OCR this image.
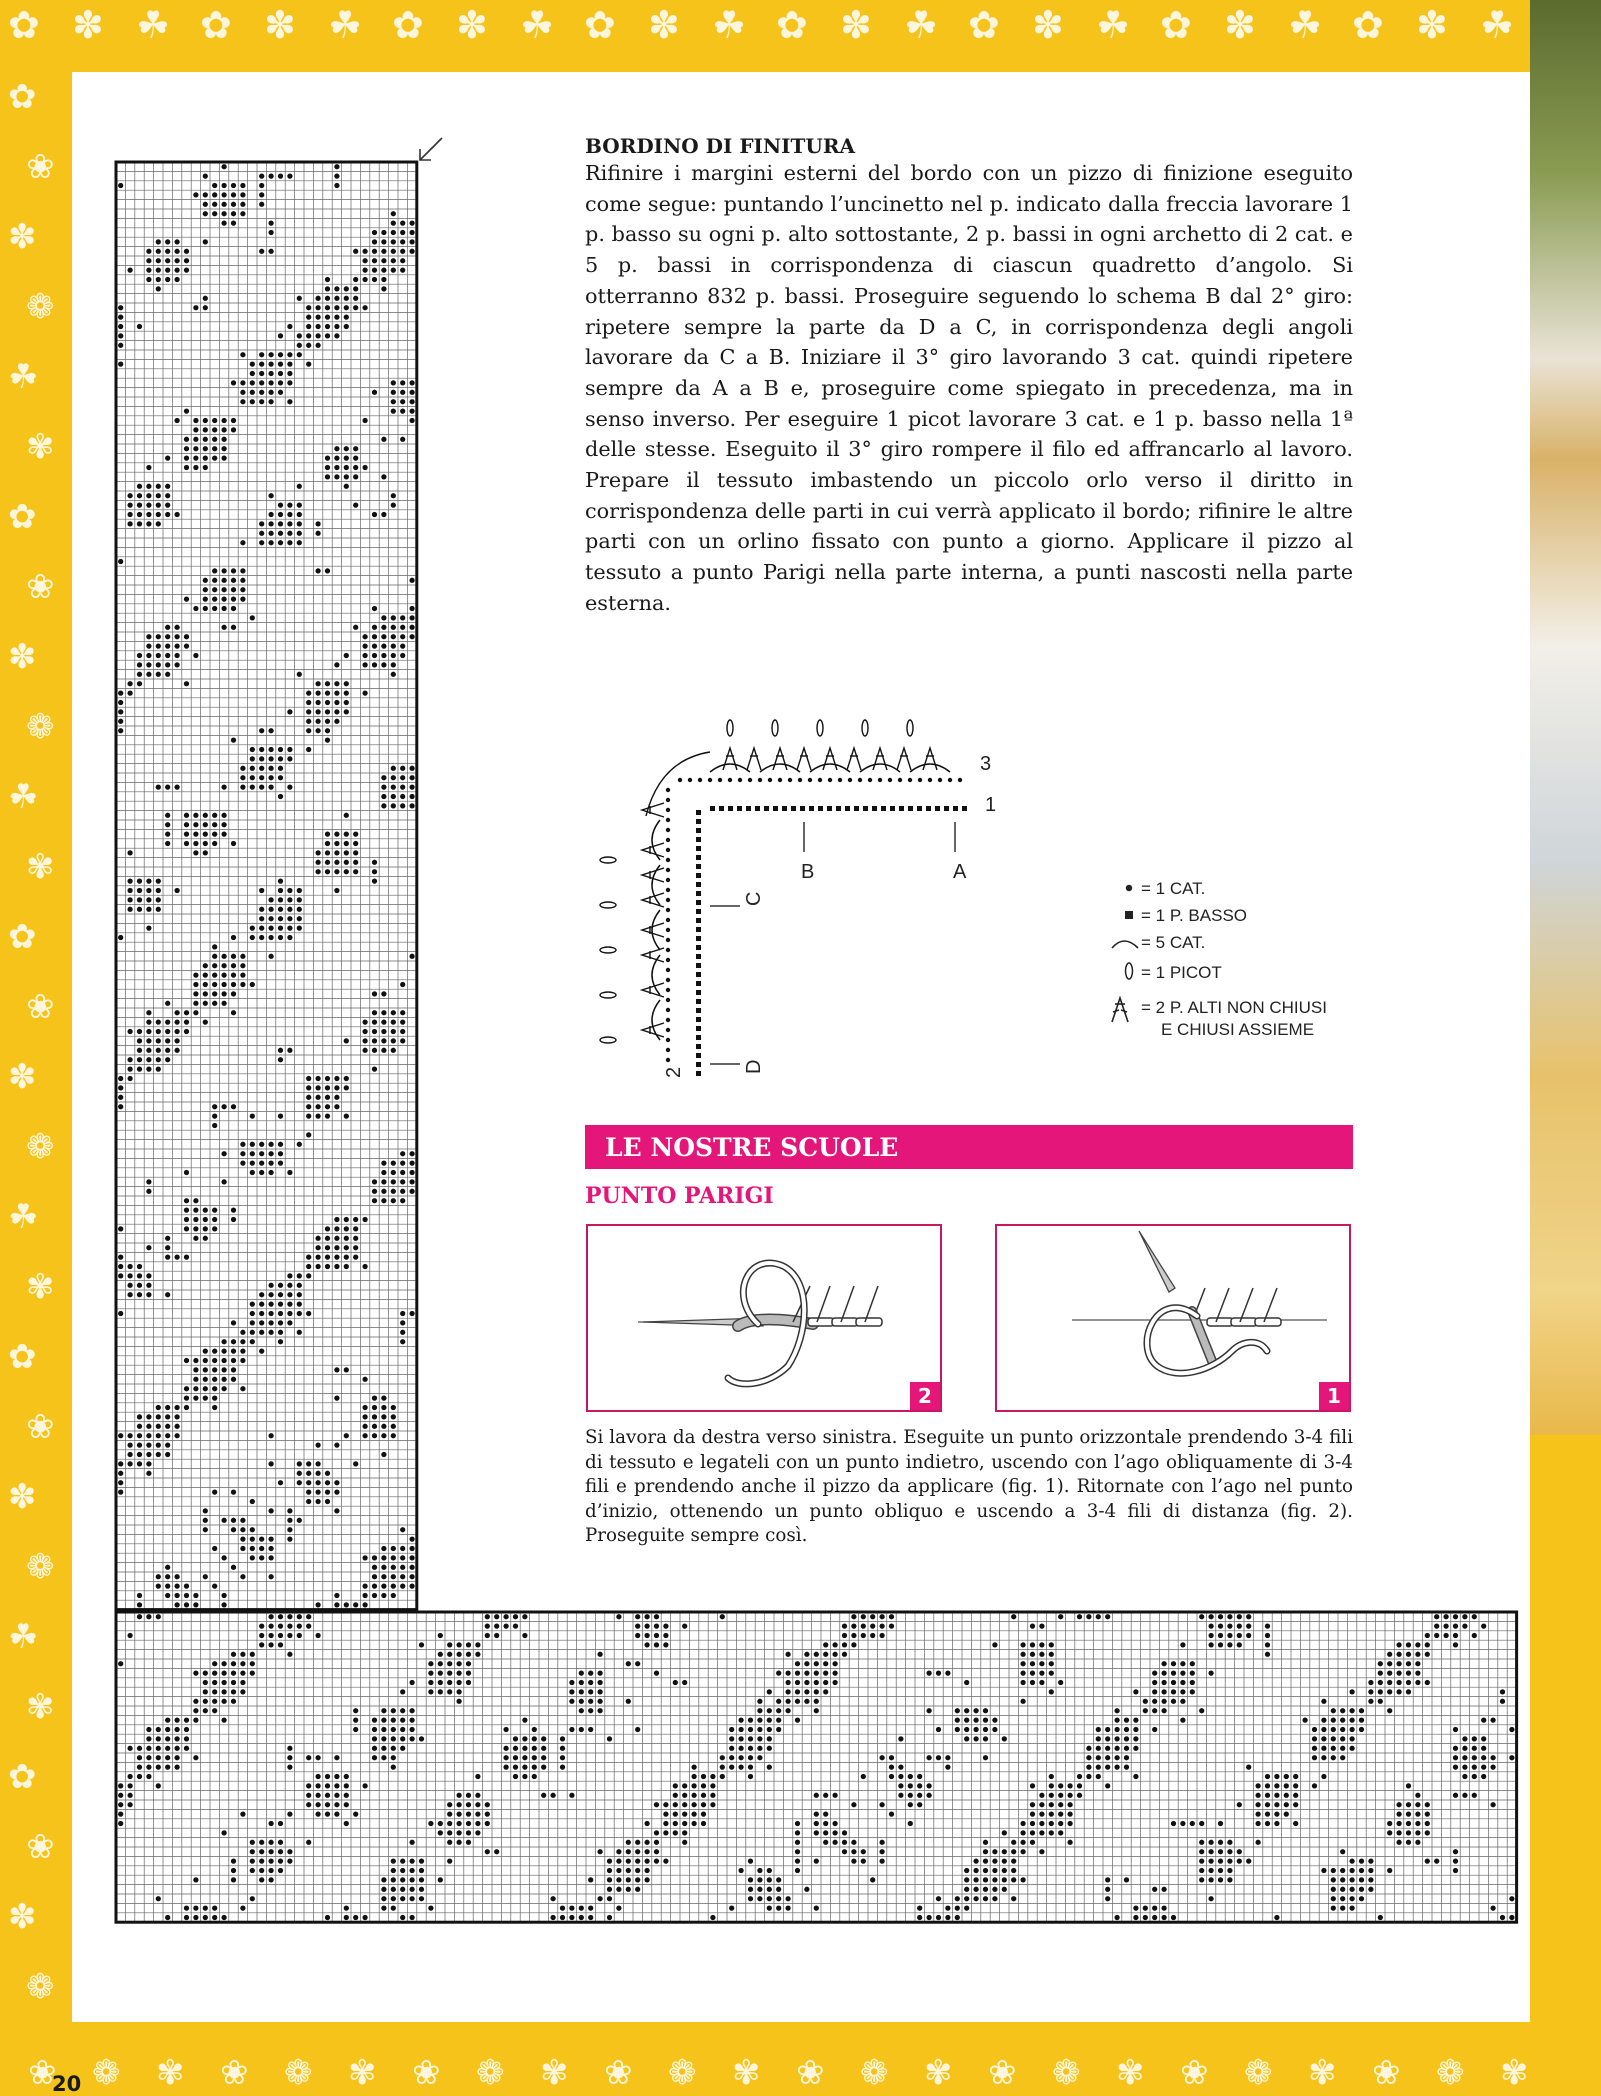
✿
❀
✽
❁
☘
✾
✿
❀
✽
❁
☘
✾
✿
❀
✽
❁
☘
✾
✿
❀
✽
❁
☘
✾
✿
❀
✽
❁
☘
✾
✿
❀
✽
❁
☘
✾
✿
❀
✽
❁
☘
✾
✿
❀
✽
❁
☘
✾
✿
❀
✽
❁
☘
✾
✿
❀
✽
❁
☘
✾
✿
❀
✽
❁
☘
✾
✿
❀
✽
❁
☘
✾
✿
❀
✽
❁
BORDINO DI FINITURA

Rifinire i margini esterni del bordo con un pizzo di finizione eseguito come segue: puntando l’uncinetto nel p. indicato dalla freccia lavorare 1 p. basso su ogni p. alto sottostante, 2 p. bassi in ogni archetto di 2 cat. e 5 p. bassi in corrispondenza di ciascun quadretto d’angolo. Si otterranno 832 p. bassi. Proseguire seguendo lo schema B dal 2° giro: ripetere sempre la parte da D a C, in corrispondenza degli angoli lavorare da C a B. Iniziare il 3° giro lavorando 3 cat. quindi ripetere sempre da A a B e, proseguire come spiegato in precedenza, ma in senso inverso. Per eseguire 1 picot lavorare 3 cat. e 1 p. basso nella 1ª delle stesse. Eseguito il 3° giro rompere il filo ed affrancarlo al lavoro. Prepare il tessuto imbastendo un piccolo orlo verso il diritto in corrispondenza delle parti in cui verrà applicato il bordo; rifinire le altre parti con un orlino fissato con punto a giorno. Applicare il pizzo al tessuto a punto Parigi nella parte interna, a punti nascosti nella parte esterna.

1
3
2
A
B
C
D
= 1 CAT.
= 1 P. BASSO
= 5 CAT.
= 1 PICOT
= 2 P. ALTI NON CHIUSI
E CHIUSI ASSIEME
LE NOSTRE SCUOLE
PUNTO PARIGI
2	1

Si lavora da destra verso sinistra. Eseguite un punto orizzontale prendendo 3-4 fili di tessuto e legateli con un punto indietro, uscendo con l’ago obliquamente di 3-4 fili e prendendo anche il pizzo da applicare (fig. 1). Ritornate con l’ago nel punto d’inizio, ottenendo un punto obliquo e uscendo a 3-4 fili di distanza (fig. 2). Proseguite sempre così.

20
